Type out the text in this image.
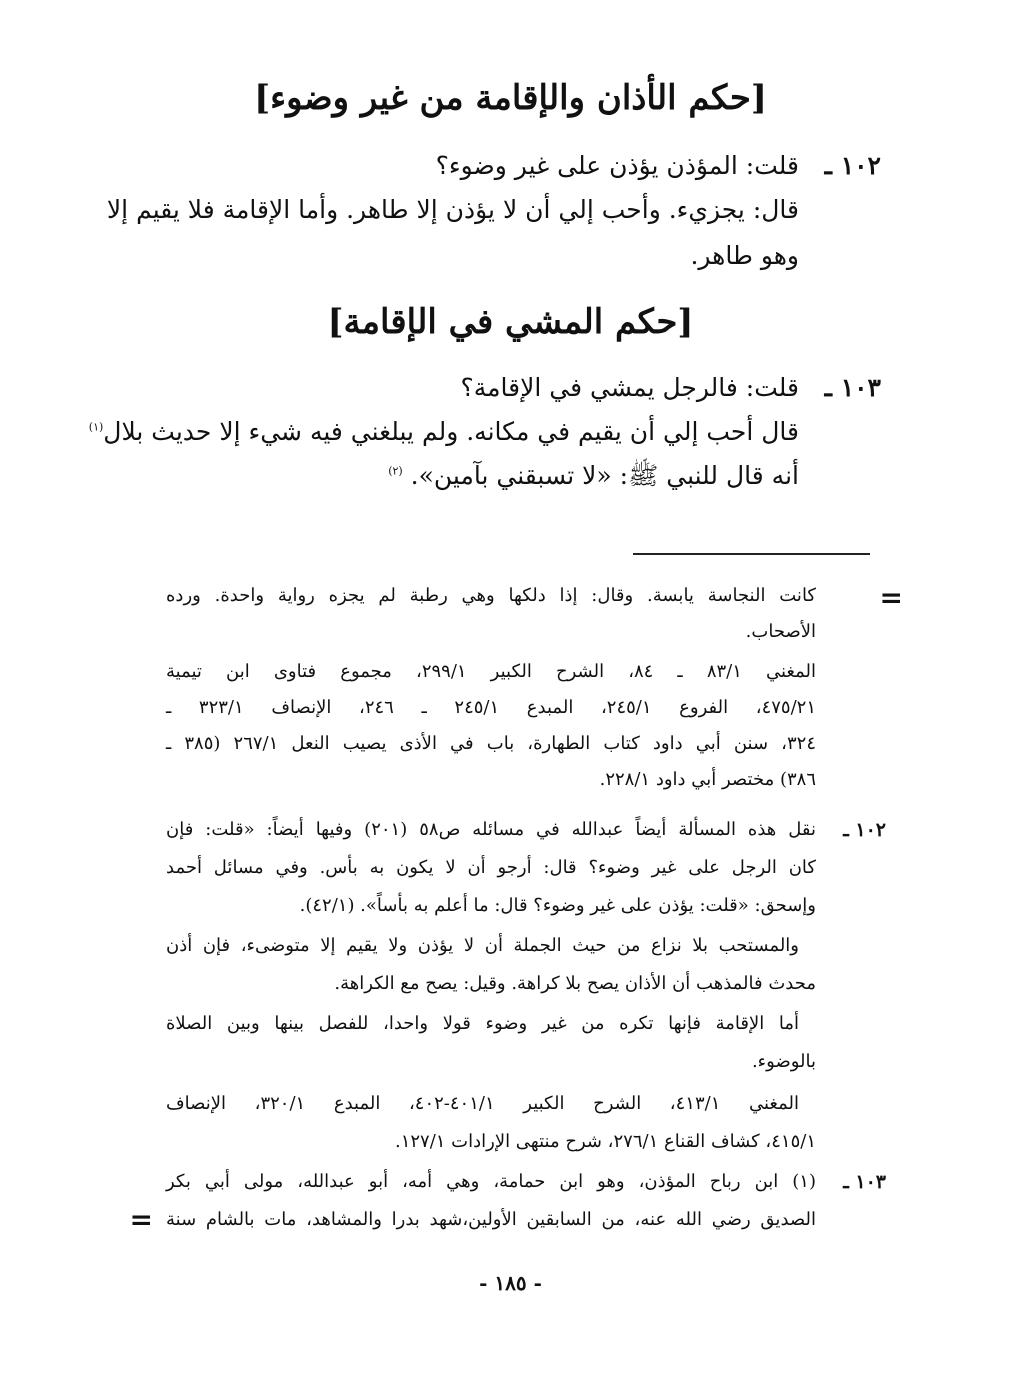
[حكم الأذان والإقامة من غير وضوء]
١٠٢ ـ
قلت: المؤذن يؤذن على غير وضوء؟
قال: يجزيء. وأحب إلي أن لا يؤذن إلا طاهر. وأما الإقامة فلا يقيم إلا
وهو طاهر.
[حكم المشي في الإقامة]
١٠٣ ـ
قلت: فالرجل يمشي في الإقامة؟
قال أحب إلي أن يقيم في مكانه. ولم يبلغني فيه شيء إلا حديث بلال$^{(١)}$
أنه قال للنبي ﷺ: «لا تسبقني بآمين». $^{(٢)}$
=
كانت النجاسة يابسة. وقال: إذا دلكها وهي رطبة لم يجزه رواية واحدة. ورده
الأصحاب.
المغني ٨٣/١ ـ ٨٤، الشرح الكبير ٢٩٩/١، مجموع فتاوى ابن تيمية
٤٧٥/٢١، الفروع ٢٤٥/١، المبدع ٢٤٥/١ ـ ٢٤٦، الإنصاف ٣٢٣/١ ـ
٣٢٤، سنن أبي داود كتاب الطهارة، باب في الأذى يصيب النعل ٢٦٧/١ (٣٨٥ ـ
٣٨٦) مختصر أبي داود ٢٢٨/١.
١٠٢ ـ
نقل هذه المسألة أيضاً عبدالله في مسائله ص٥٨ (٢٠١) وفيها أيضاً: «قلت: فإن
كان الرجل على غير وضوء؟ قال: أرجو أن لا يكون به بأس. وفي مسائل أحمد
وإسحق: «قلت: يؤذن على غير وضوء؟ قال: ما أعلم به بأساً». (٤٢/١).
والمستحب بلا نزاع من حيث الجملة أن لا يؤذن ولا يقيم إلا متوضىء، فإن أذن
محدث فالمذهب أن الأذان يصح بلا كراهة. وقيل: يصح مع الكراهة.
أما الإقامة فإنها تكره من غير وضوء قولا واحدا، للفصل بينها وبين الصلاة
بالوضوء.
المغني ٤١٣/١، الشرح الكبير ٤٠١/١-٤٠٢، المبدع ٣٢٠/١، الإنصاف
٤١٥/١، كشاف القناع ٢٧٦/١، شرح منتهى الإرادات ١٢٧/١.
١٠٣ ـ
(١) ابن رباح المؤذن، وهو ابن حمامة، وهي أمه، أبو عبدالله، مولى أبي بكر
الصديق رضي الله عنه، من السابقين الأولين،شهد بدرا والمشاهد، مات بالشام سنة
=
- ١٨٥ -
